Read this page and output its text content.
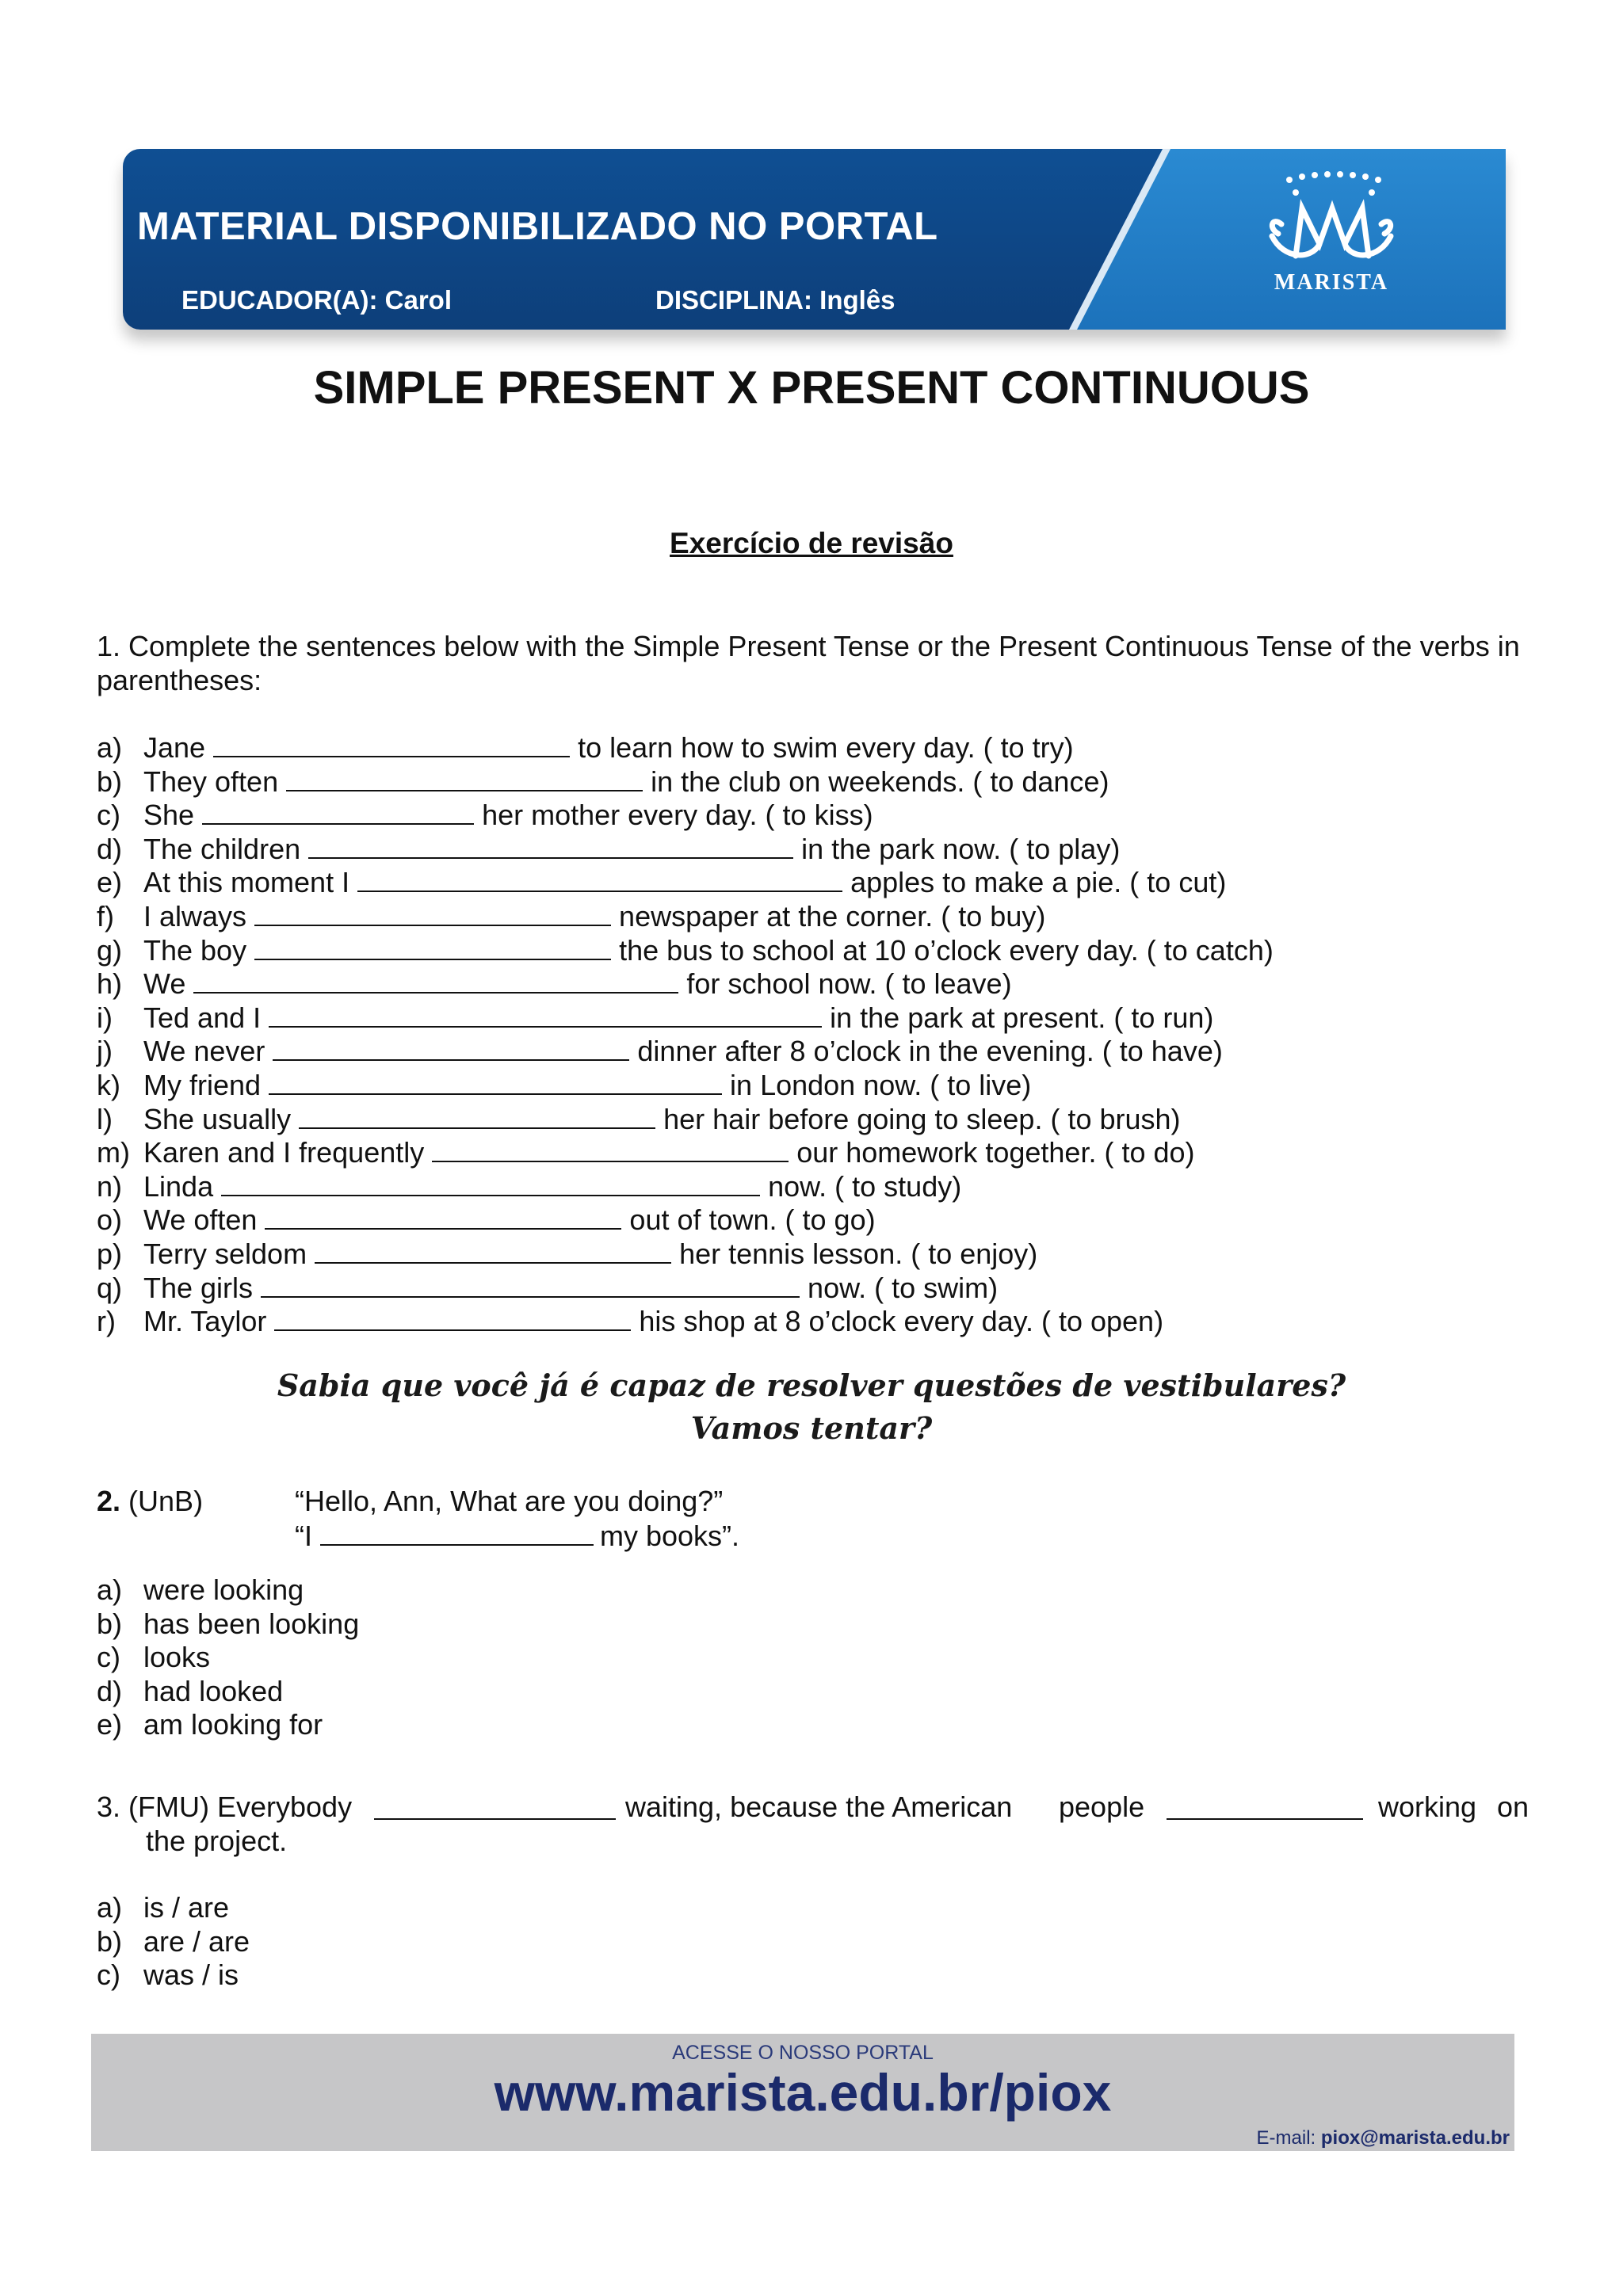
MATERIAL DISPONIBILIZADO NO PORTAL
EDUCADOR(A): Carol	DISCIPLINA: Inglês
MARISTA
SIMPLE PRESENT X PRESENT CONTINUOUS
Exercício de revisão
1. Complete the sentences below with the Simple Present Tense or the Present Continuous Tense of the verbs in parentheses:
a) Jane	to learn how to swim every day. ( to try)
b) They often	in the club on weekends. ( to dance)
c) She	her mother every day. ( to kiss)
d) The children	in the park now. ( to play)
e) At this moment I	apples to make a pie. ( to cut)
f) I always	newspaper at the corner. ( to buy)
g) The boy	the bus to school at 10 o’clock every day. ( to catch)
h) We	for school now. ( to leave)
i) Ted and I	in the park at present. ( to run)
j) We never	dinner after 8 o’clock in the evening. ( to have)
k) My friend	in London now. ( to live)
l) She usually	her hair before going to sleep. ( to brush)
m) Karen and I frequently	our homework together. ( to do)
n) Linda	now. ( to study)
o) We often	out of town. ( to go)
p) Terry seldom	her tennis lesson. ( to enjoy)
q) The girls	now. ( to swim)
r) Mr. Taylor	his shop at 8 o’clock every day. ( to open)
Sabia que você já é capaz de resolver questões de vestibulares?
Vamos tentar?
2. (UnB)	“Hello, Ann, What are you doing?”
“I	my books”.
a) were looking
b) has been looking
c) looks
d) had looked
e) am looking for
3. (FMU) Everybody	waiting, because the American people	working on
the project.
a) is / are
b) are / are
c) was / is
ACESSE O NOSSO PORTAL
www.marista.edu.br/piox
E-mail: piox@marista.edu.br
